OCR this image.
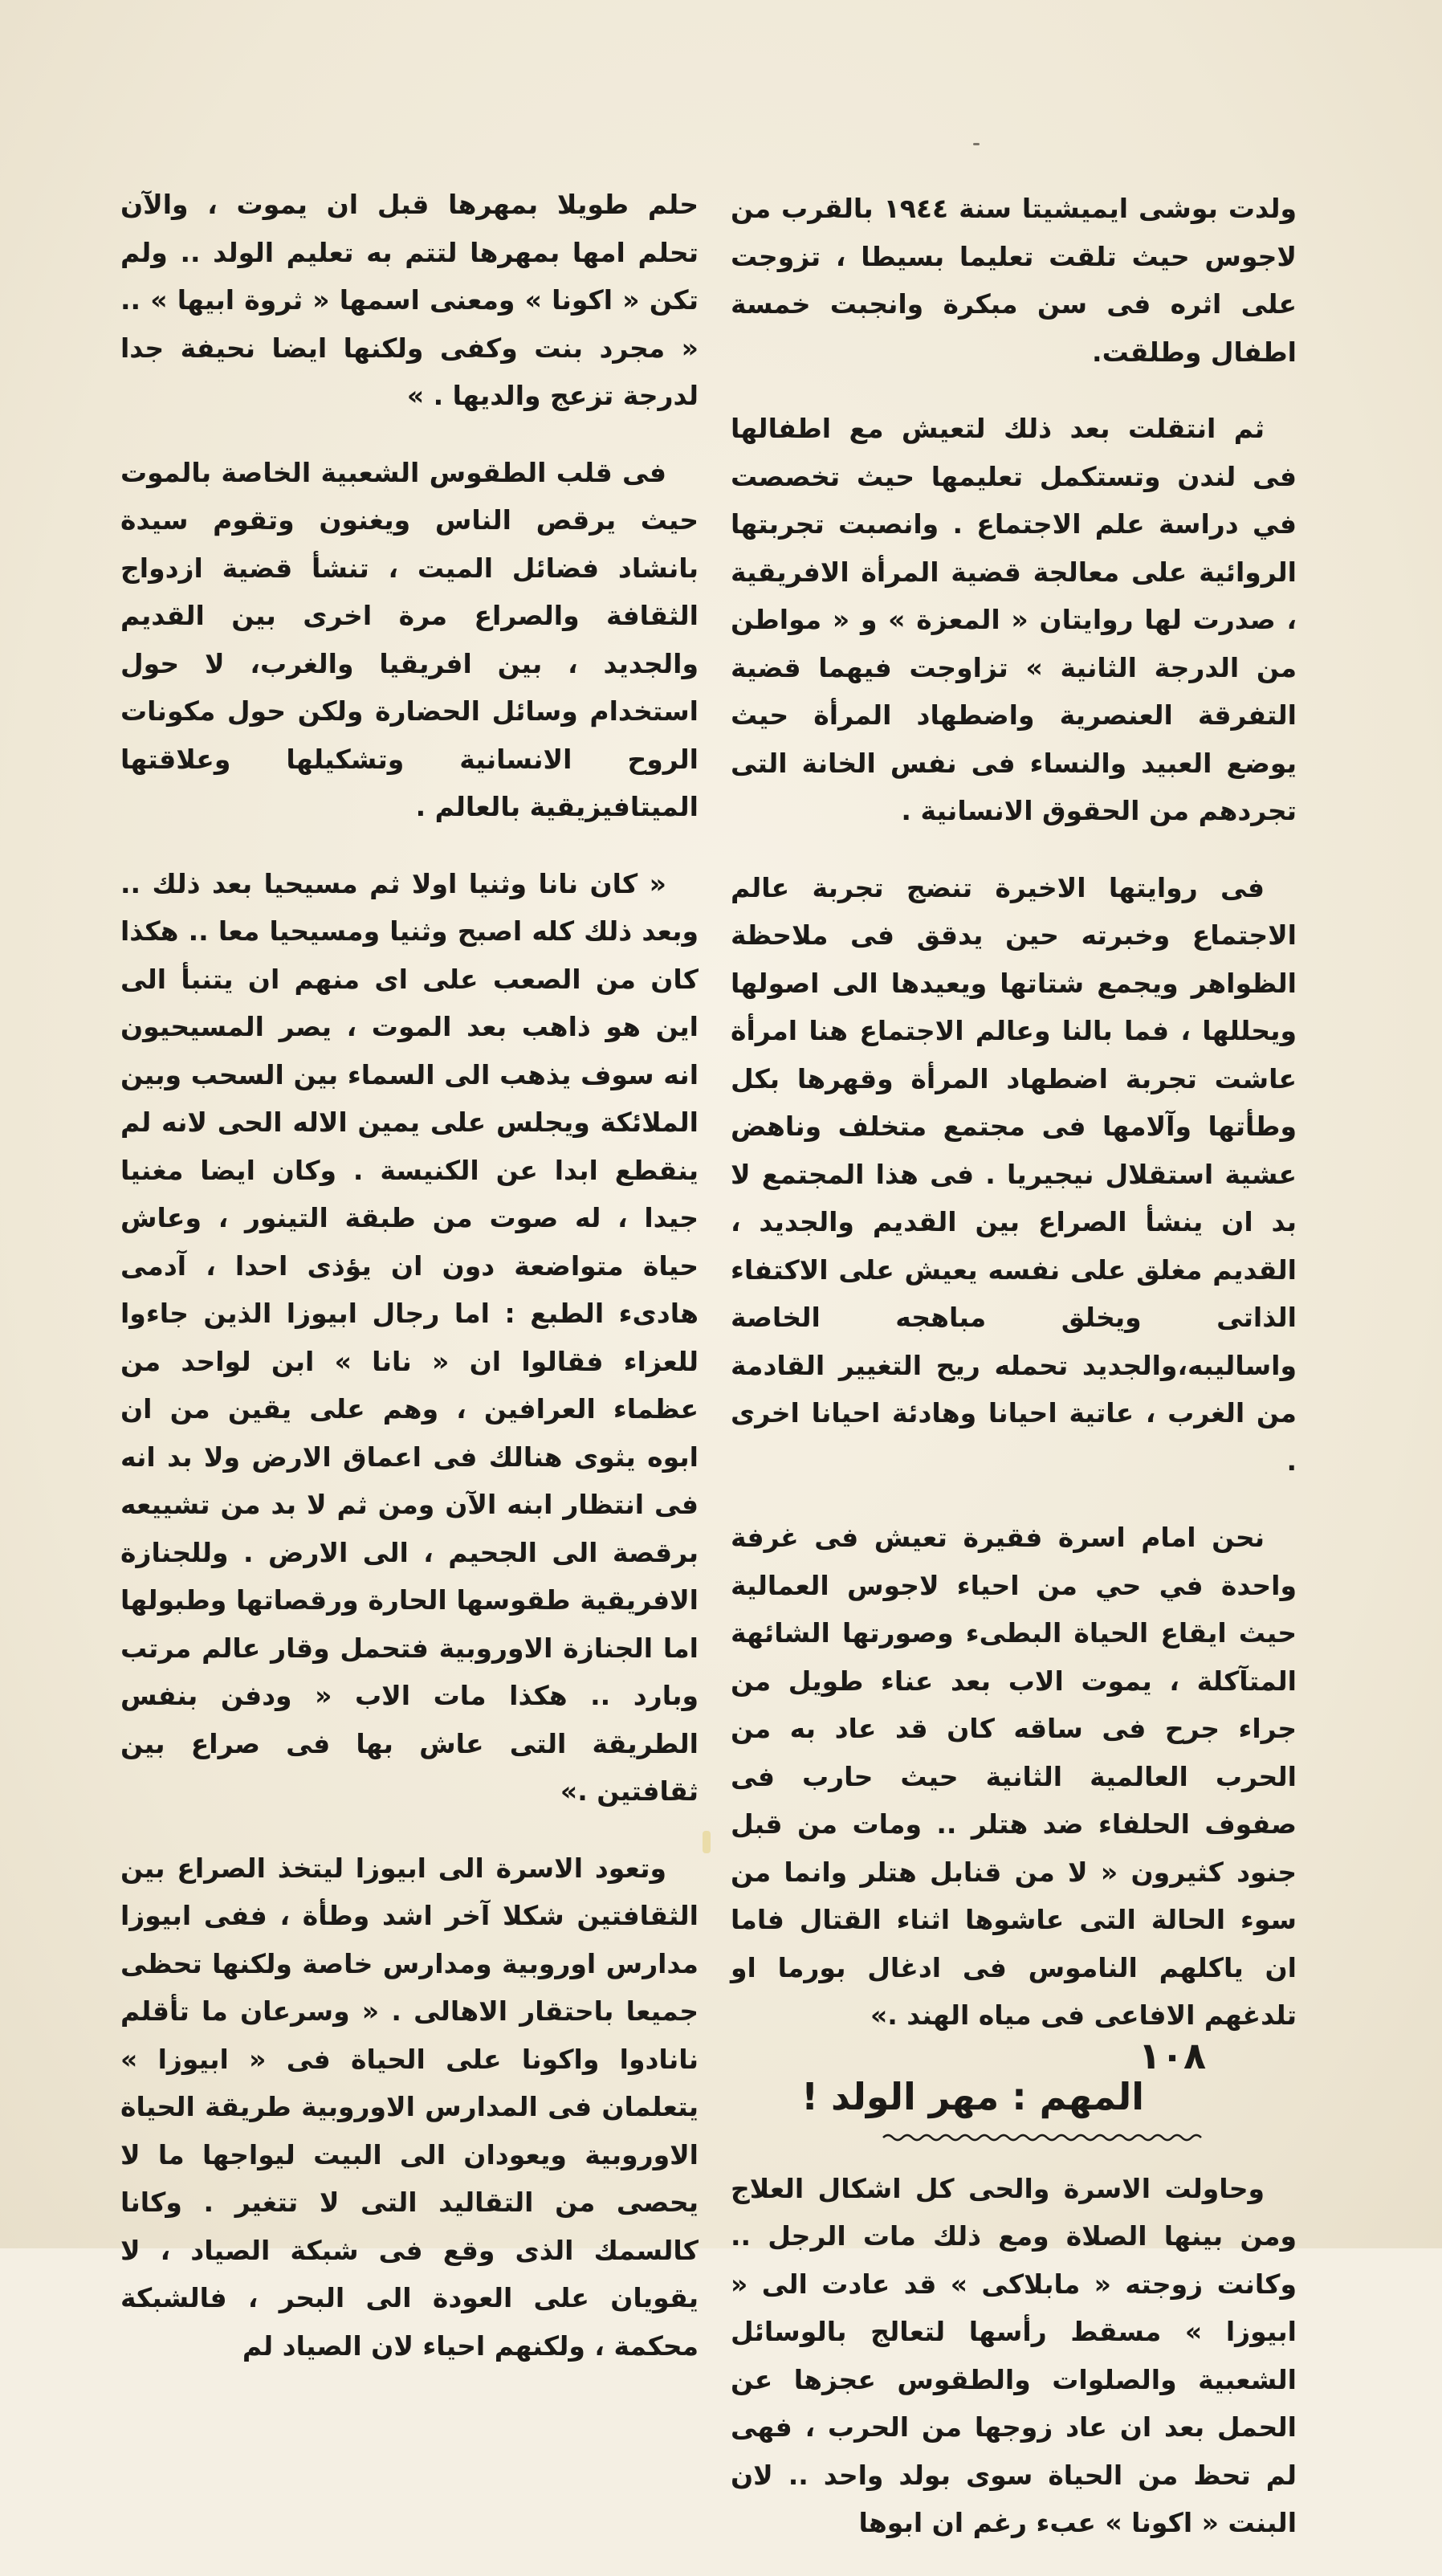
ولدت بوشى ايميشيتا سنة ١٩٤٤ بالقرب من لاجوس حيث تلقت تعليما بسيطا ، تزوجت على اثره فى سن مبكرة وانجبت خمسة اطفال وطلقت.

ثم انتقلت بعد ذلك لتعيش مع اطفالها فى لندن وتستكمل تعليمها حيث تخصصت في دراسة علم الاجتماع . وانصبت تجربتها الروائية على معالجة قضية المرأة الافريقية ، صدرت لها روايتان « المعزة » و « مواطن من الدرجة الثانية » تزاوجت فيهما قضية التفرقة العنصرية واضطهاد المرأة حيث يوضع العبيد والنساء فى نفس الخانة التى تجردهم من الحقوق الانسانية .

فى روايتها الاخيرة تنضج تجربة عالم الاجتماع وخبرته حين يدقق فى ملاحظة الظواهر ويجمع شتاتها ويعيدها الى اصولها ويحللها ، فما بالنا وعالم الاجتماع هنا امرأة عاشت تجربة اضطهاد المرأة وقهرها بكل وطأتها وآلامها فى مجتمع متخلف وناهض عشية استقلال نيجيريا . فى هذا المجتمع لا بد ان ينشأ الصراع بين القديم والجديد ، القديم مغلق على نفسه يعيش على الاكتفاء الذاتى ويخلق مباهجه الخاصة واساليبه،والجديد تحمله ريح التغيير القادمة من الغرب ، عاتية احيانا وهادئة احيانا اخرى .

نحن امام اسرة فقيرة تعيش فى غرفة واحدة في حي من احياء لاجوس العمالية حيث ايقاع الحياة البطىء وصورتها الشائهة المتآكلة ، يموت الاب بعد عناء طويل من جراء جرح فى ساقه كان قد عاد به من الحرب العالمية الثانية حيث حارب فى صفوف الحلفاء ضد هتلر .. ومات من قبل جنود كثيرون « لا من قنابل هتلر وانما من سوء الحالة التى عاشوها اثناء القتال فاما ان ياكلهم الناموس فى ادغال بورما او تلدغهم الافاعى فى مياه الهند .»

المهم : مهر الولد !

وحاولت الاسرة والحى كل اشكال العلاج ومن بينها الصلاة ومع ذلك مات الرجل .. وكانت زوجته « مابلاكى » قد عادت الى « ابيوزا » مسقط رأسها لتعالج بالوسائل الشعبية والصلوات والطقوس عجزها عن الحمل بعد ان عاد زوجها من الحرب ، فهى لم تحظ من الحياة سوى بولد واحد .. لان البنت « اكونا » عبء رغم ان ابوها

حلم طويلا بمهرها قبل ان يموت ، والآن تحلم امها بمهرها لتتم به تعليم الولد .. ولم تكن « اكونا » ومعنى اسمها « ثروة ابيها » .. « مجرد بنت وكفى ولكنها ايضا نحيفة جدا لدرجة تزعج والديها . »

فى قلب الطقوس الشعبية الخاصة بالموت حيث يرقص الناس ويغنون وتقوم سيدة بانشاد فضائل الميت ، تنشأ قضية ازدواج الثقافة والصراع مرة اخرى بين القديم والجديد ، بين افريقيا والغرب، لا حول استخدام وسائل الحضارة ولكن حول مكونات الروح الانسانية وتشكيلها وعلاقتها الميتافيزيقية بالعالم .

« كان نانا وثنيا اولا ثم مسيحيا بعد ذلك .. وبعد ذلك كله اصبح وثنيا ومسيحيا معا .. هكذا كان من الصعب على اى منهم ان يتنبأ الى اين هو ذاهب بعد الموت ، يصر المسيحيون انه سوف يذهب الى السماء بين السحب وبين الملائكة ويجلس على يمين الاله الحى لانه لم ينقطع ابدا عن الكنيسة . وكان ايضا مغنيا جيدا ، له صوت من طبقة التينور ، وعاش حياة متواضعة دون ان يؤذى احدا ، آدمى هادىء الطبع : اما رجال ابيوزا الذين جاءوا للعزاء فقالوا ان « نانا » ابن لواحد من عظماء العرافين ، وهم على يقين من ان ابوه يثوى هنالك فى اعماق الارض ولا بد انه فى انتظار ابنه الآن ومن ثم لا بد من تشييعه برقصة الى الجحيم ، الى الارض . وللجنازة الافريقية طقوسها الحارة ورقصاتها وطبولها اما الجنازة الاوروبية فتحمل وقار عالم مرتب وبارد .. هكذا مات الاب « ودفن بنفس الطريقة التى عاش بها فى صراع بين ثقافتين .»

وتعود الاسرة الى ابيوزا ليتخذ الصراع بين الثقافتين شكلا آخر اشد وطأة ، ففى ابيوزا مدارس اوروبية ومدارس خاصة ولكنها تحظى جميعا باحتقار الاهالى . « وسرعان ما تأقلم نانادوا واكونا على الحياة فى « ابيوزا » يتعلمان فى المدارس الاوروبية طريقة الحياة الاوروبية ويعودان الى البيت ليواجها ما لا يحصى من التقاليد التى لا تتغير . وكانا كالسمك الذى وقع فى شبكة الصياد ، لا يقويان على العودة الى البحر ، فالشبكة محكمة ، ولكنهم احياء لان الصياد لم

١٠٨
